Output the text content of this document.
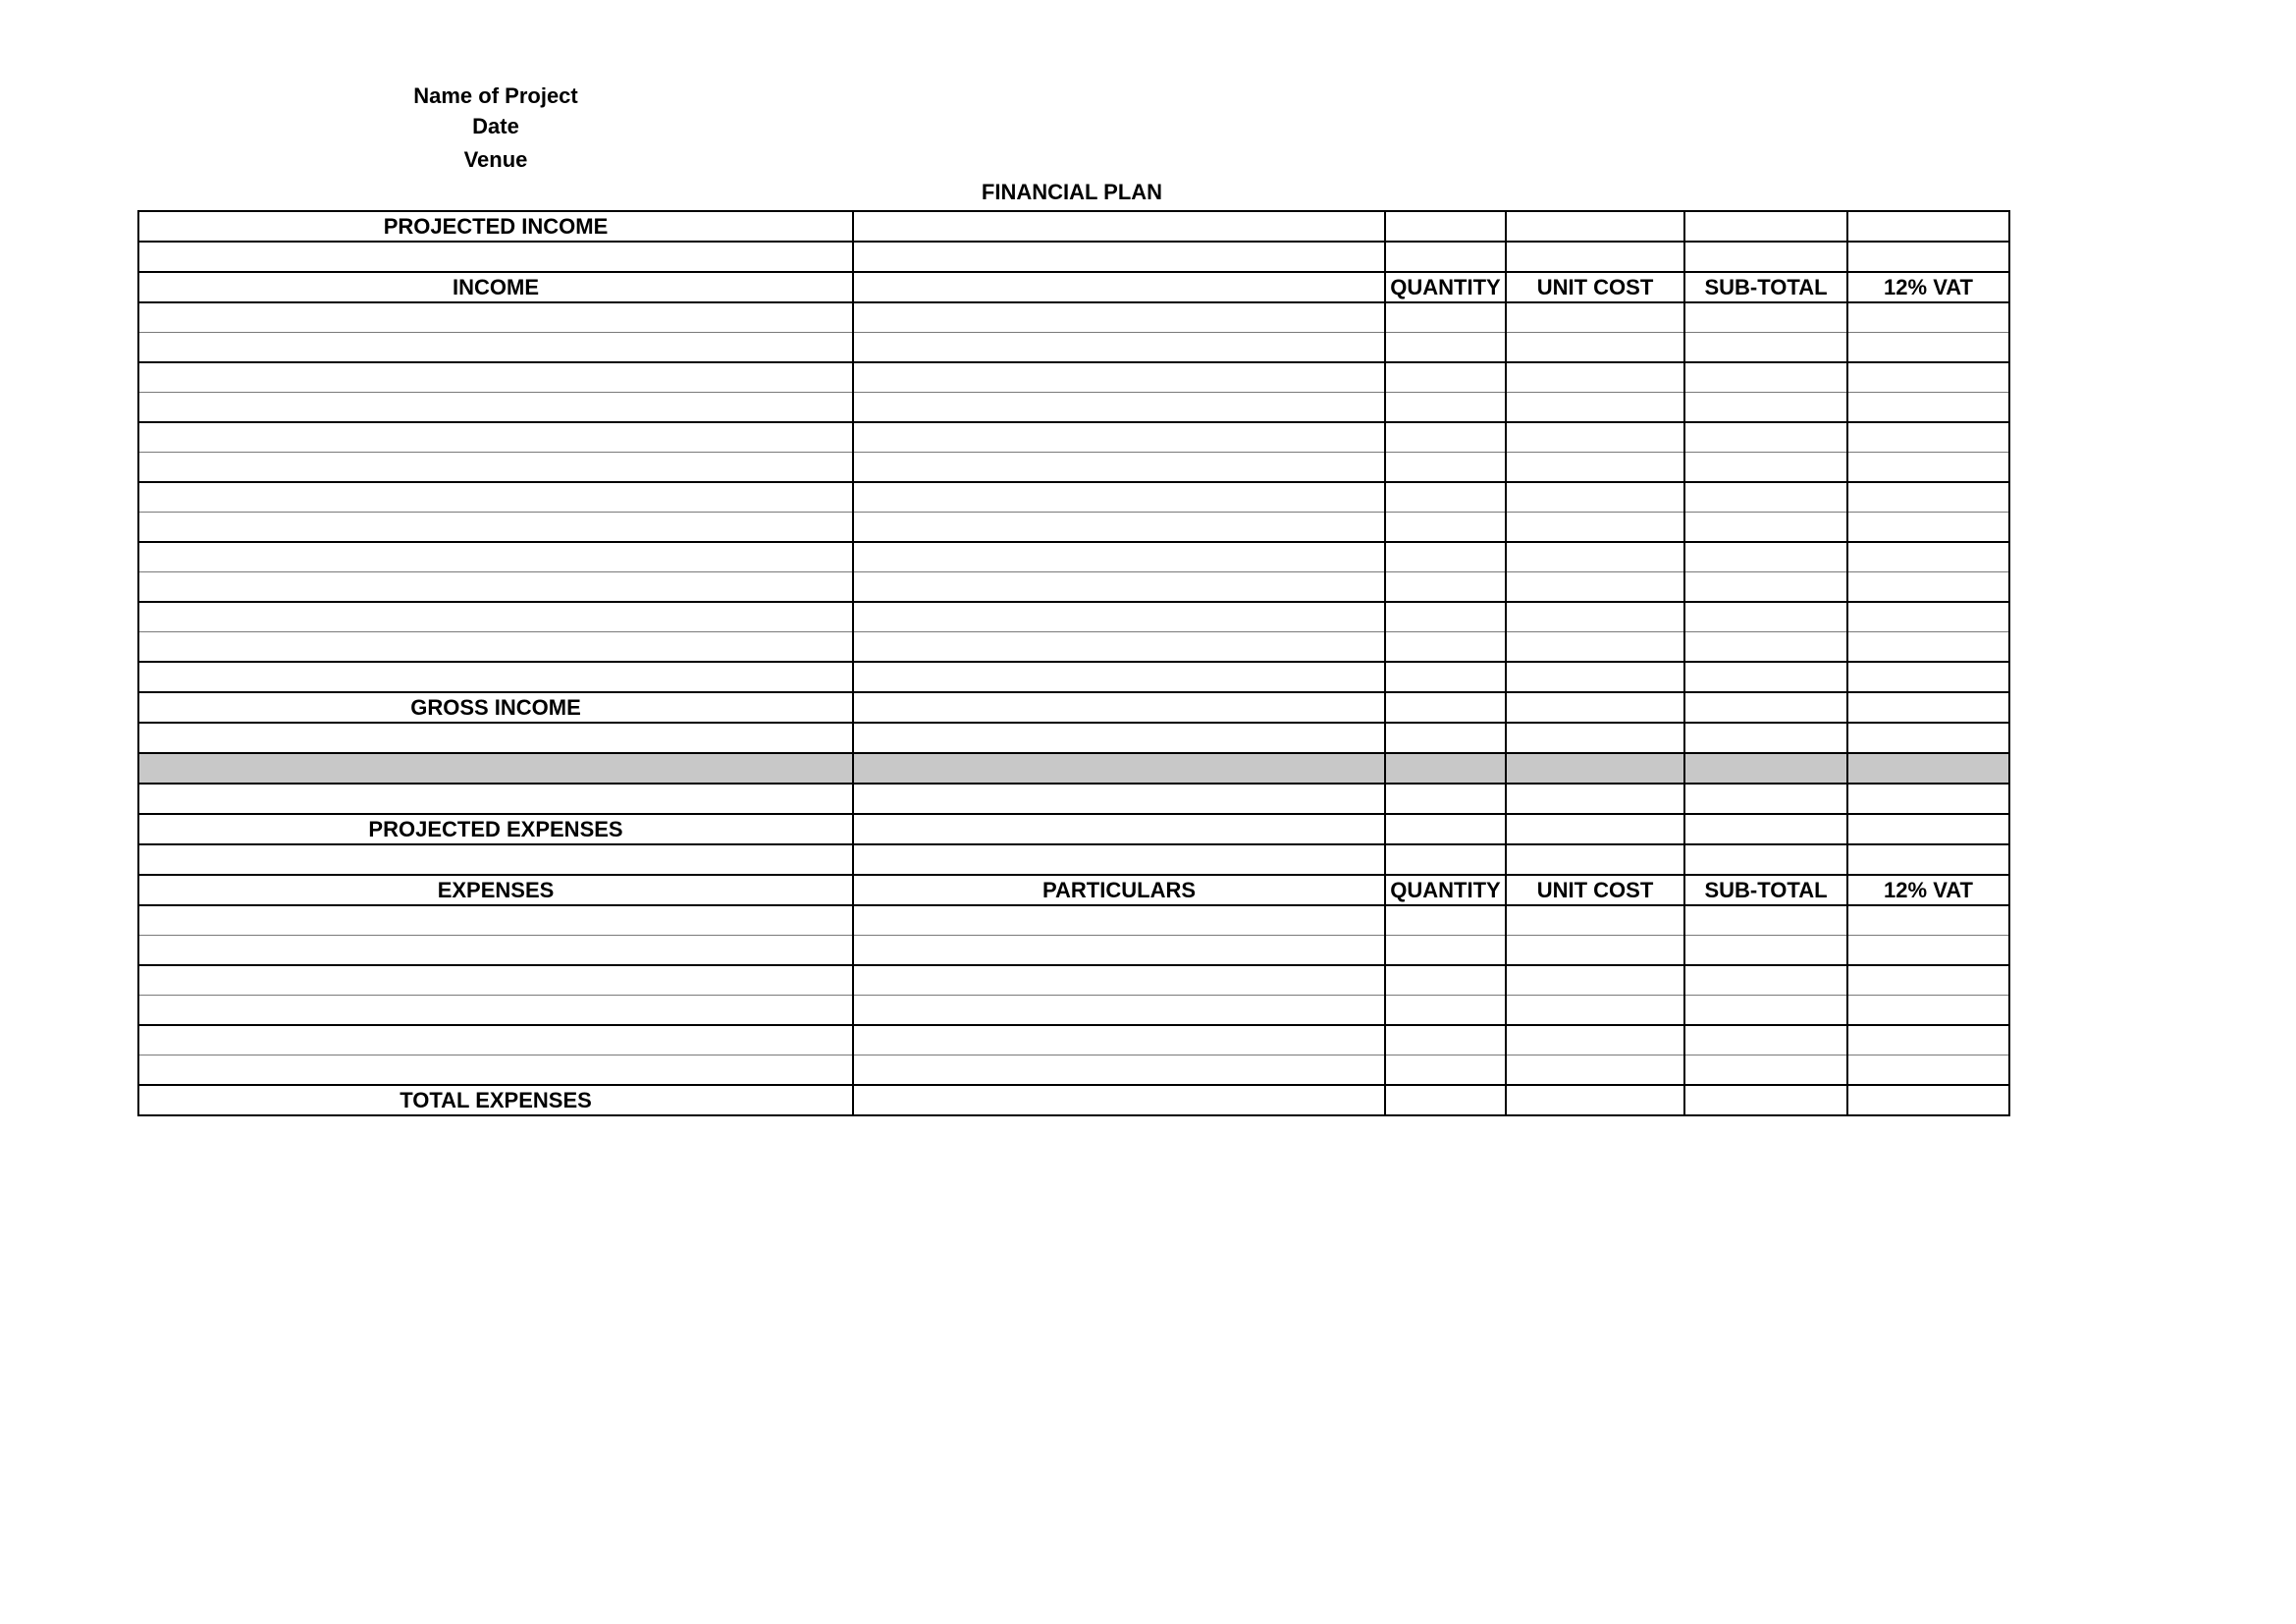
Name of Project

Date

Venue

FINANCIAL PLAN

PROJECTED INCOME					

INCOME		QUANTITY	UNIT COST	SUB-TOTAL	12% VAT

GROSS INCOME					

PROJECTED EXPENSES					

EXPENSES	PARTICULARS	QUANTITY	UNIT COST	SUB-TOTAL	12% VAT

TOTAL EXPENSES					
